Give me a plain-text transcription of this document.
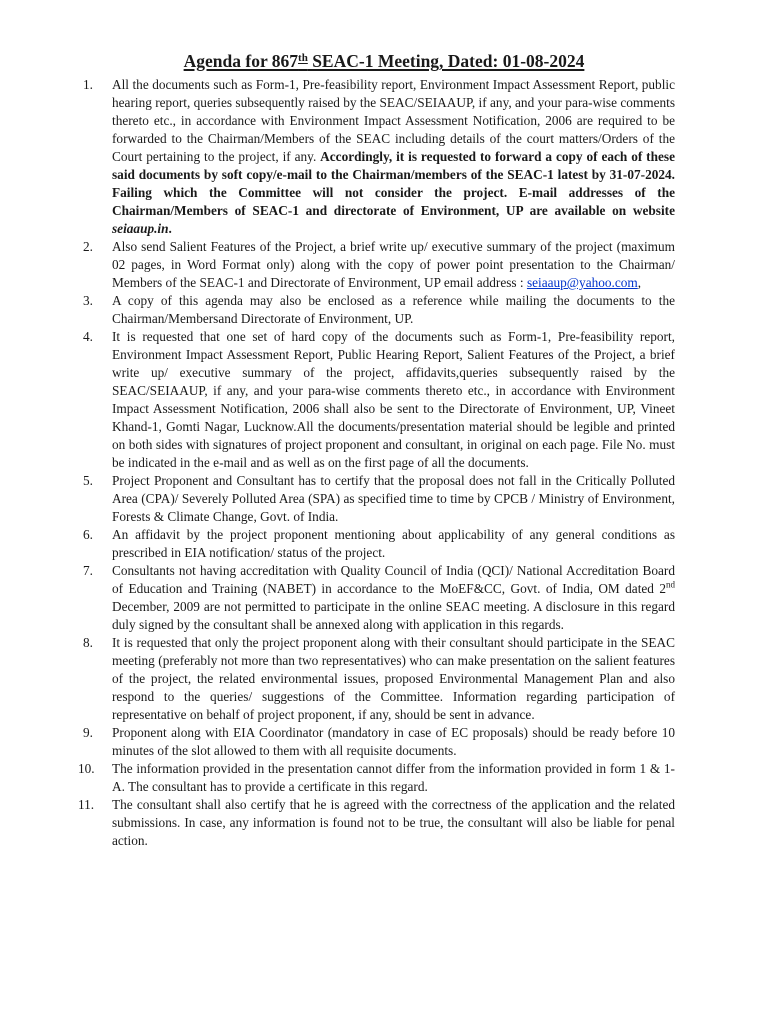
Agenda for 867th SEAC-1 Meeting, Dated: 01-08-2024
1.	All the documents such as Form-1, Pre-feasibility report, Environment Impact Assessment Report, public hearing report, queries subsequently raised by the SEAC/SEIAAUP, if any, and your para-wise comments thereto etc., in accordance with Environment Impact Assessment Notification, 2006 are required to be forwarded to the Chairman/Members of the SEAC including details of the court matters/Orders of the Court pertaining to the project, if any. Accordingly, it is requested to forward a copy of each of these said documents by soft copy/e-mail to the Chairman/members of the SEAC-1 latest by 31-07-2024. Failing which the Committee will not consider the project. E-mail addresses of the Chairman/Members of SEAC-1 and directorate of Environment, UP are available on website seiaaup.in.
2.	Also send Salient Features of the Project, a brief write up/ executive summary of the project (maximum 02 pages, in Word Format only) along with the copy of power point presentation to the Chairman/ Members of the SEAC-1 and Directorate of Environment, UP email address : seiaaup@yahoo.com,
3.	A copy of this agenda may also be enclosed as a reference while mailing the documents to the Chairman/Membersand Directorate of Environment, UP.
4.	It is requested that one set of hard copy of the documents such as Form-1, Pre-feasibility report, Environment Impact Assessment Report, Public Hearing Report, Salient Features of the Project, a brief write up/ executive summary of the project, affidavits,queries subsequently raised by the SEAC/SEIAAUP, if any, and your para-wise comments thereto etc., in accordance with Environment Impact Assessment Notification, 2006 shall also be sent to the Directorate of Environment, UP, Vineet Khand-1, Gomti Nagar, Lucknow.All the documents/presentation material should be legible and printed on both sides with signatures of project proponent and consultant, in original on each page. File No. must be indicated in the e-mail and as well as on the first page of all the documents.
5.	Project Proponent and Consultant has to certify that the proposal does not fall in the Critically Polluted Area (CPA)/ Severely Polluted Area (SPA) as specified time to time by CPCB / Ministry of Environment, Forests & Climate Change, Govt. of India.
6.	An affidavit by the project proponent mentioning about applicability of any general conditions as prescribed in EIA notification/ status of the project.
7.	Consultants not having accreditation with Quality Council of India (QCI)/ National Accreditation Board of Education and Training (NABET) in accordance to the MoEF&CC, Govt. of India, OM dated 2nd December, 2009 are not permitted to participate in the online SEAC meeting. A disclosure in this regard duly signed by the consultant shall be annexed along with application in this regards.
8.	It is requested that only the project proponent along with their consultant should participate in the SEAC meeting (preferably not more than two representatives) who can make presentation on the salient features of the project, the related environmental issues, proposed Environmental Management Plan and also respond to the queries/ suggestions of the Committee. Information regarding participation of representative on behalf of project proponent, if any, should be sent in advance.
9.	Proponent along with EIA Coordinator (mandatory in case of EC proposals) should be ready before 10 minutes of the slot allowed to them with all requisite documents.
10.	The information provided in the presentation cannot differ from the information provided in form 1 & 1-A. The consultant has to provide a certificate in this regard.
11.	The consultant shall also certify that he is agreed with the correctness of the application and the related submissions. In case, any information is found not to be true, the consultant will also be liable for penal action.
